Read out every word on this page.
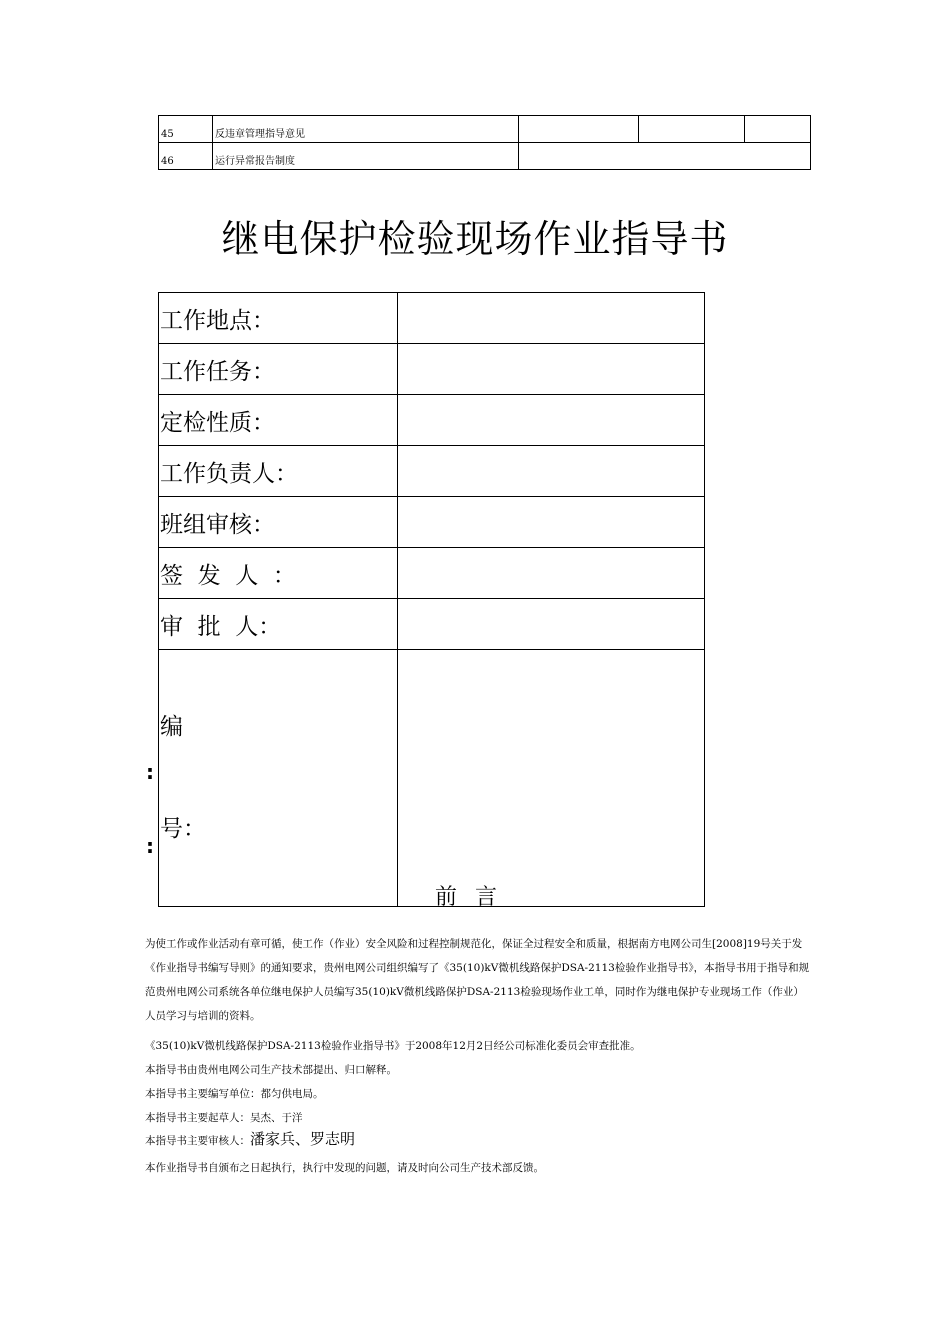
45	反违章管理指导意见			

46	运行异常报告制度			

继电保护检验现场作业指导书
工作地点：	
工作任务：	
定检性质：	
工作负责人：	
班组审核：	
签  发  人  ：	
审  批  人：	

编

号：	

:
:
前言
为使工作或作业活动有章可循，使工作（作业）安全风险和过程控制规范化，保证全过程安全和质量，根据南方电网公司生[2008]19号关于发《作业指导书编写导则》的通知要求，贵州电网公司组织编写了《35(10)kV微机线路保护DSA-2113检验作业指导书》，本指导书用于指导和规范贵州电网公司系统各单位继电保护人员编写35(10)kV微机线路保护DSA-2113检验现场作业工单，同时作为继电保护专业现场工作（作业）人员学习与培训的资料。
《35(10)kV微机线路保护DSA-2113检验作业指导书》于2008年12月2日经公司标准化委员会审查批准。
本指导书由贵州电网公司生产技术部提出、归口解释。
本指导书主要编写单位：都匀供电局。
本指导书主要起草人：吴杰、于洋
本指导书主要审核人：潘家兵、罗志明
本作业指导书自颁布之日起执行，执行中发现的问题，请及时向公司生产技术部反馈。
